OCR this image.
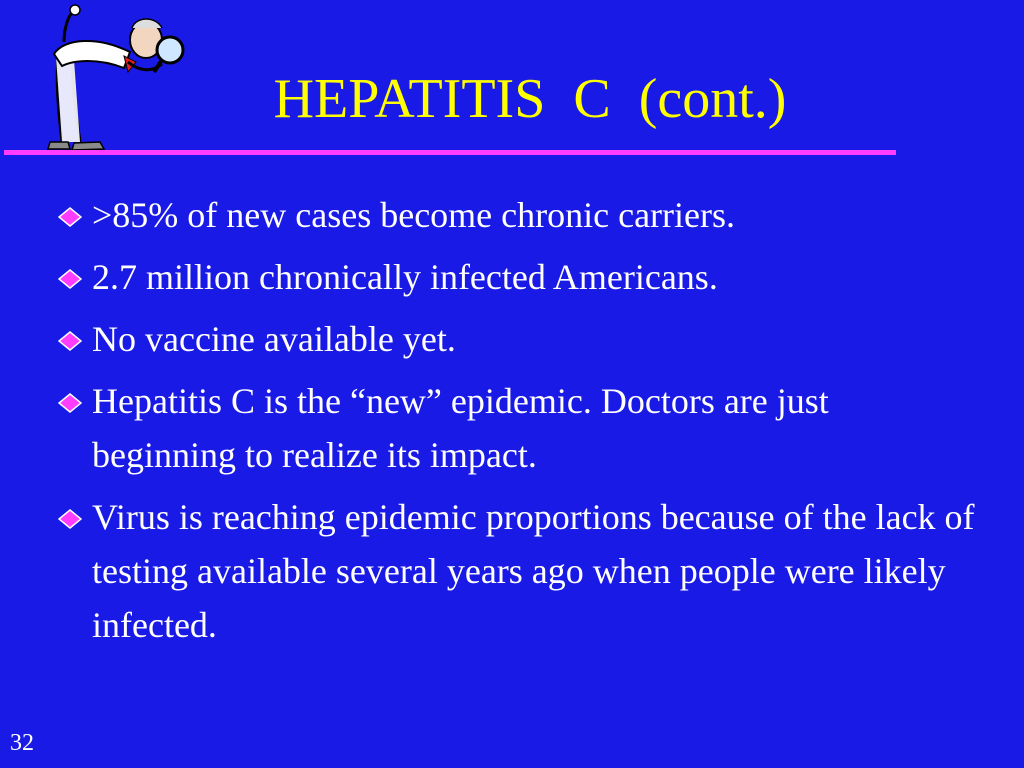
HEPATITIS  C  (cont.)
>85% of new cases become chronic carriers.
2.7 million chronically infected Americans.
No vaccine available yet.
Hepatitis C is the “new” epidemic. Doctors are just beginning to realize its impact.
Virus is reaching epidemic proportions because of the lack of testing available several years ago when people were likely infected.
32
